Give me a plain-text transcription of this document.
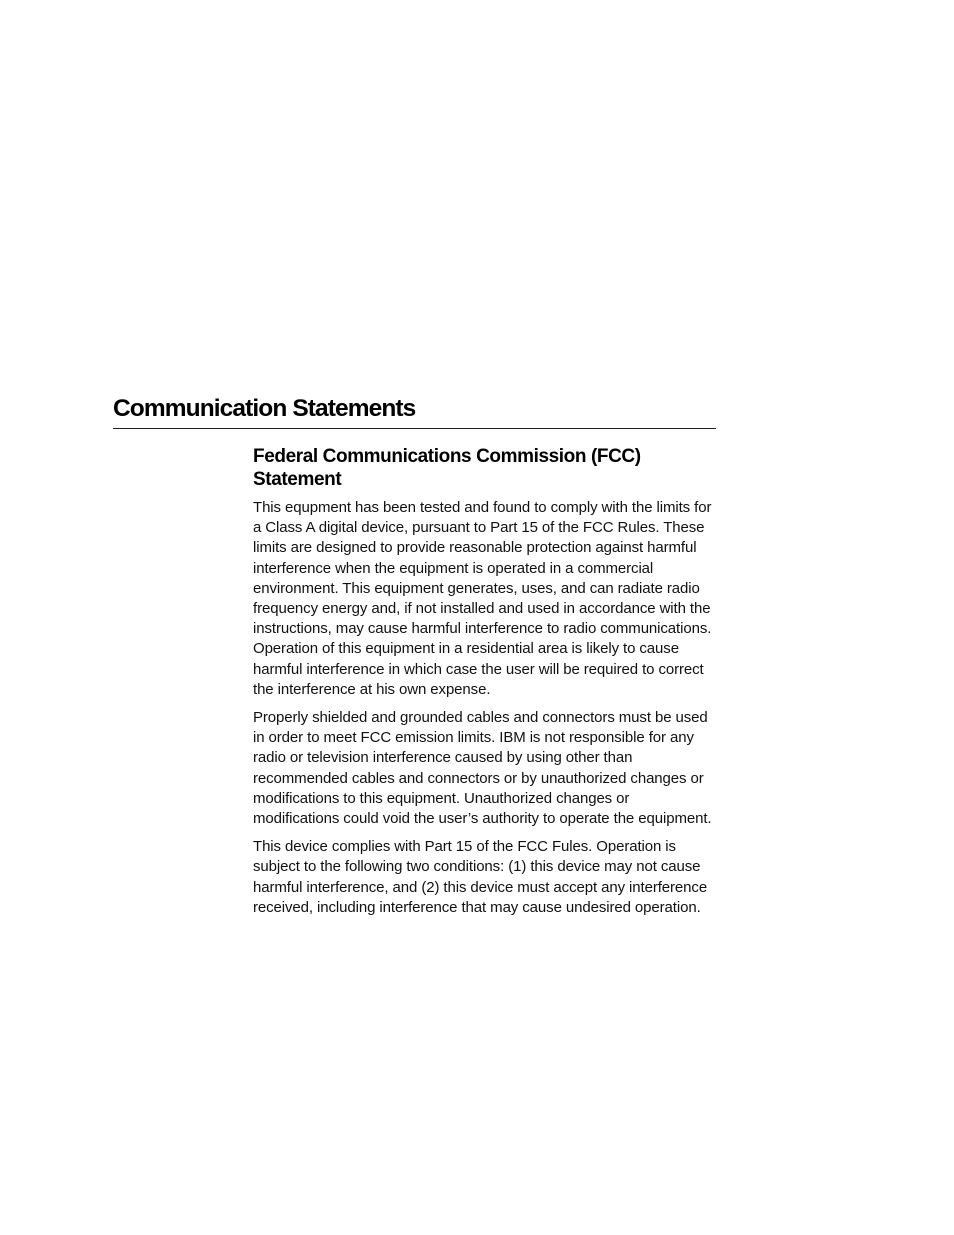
Communication Statements
Federal Communications Commission (FCC) Statement

This equpment has been tested and found to comply with the limits for a Class A digital device, pursuant to Part 15 of the FCC Rules. These limits are designed to provide reasonable protection against harmful interference when the equipment is operated in a commercial environment. This equipment generates, uses, and can radiate radio frequency energy and, if not installed and used in accordance with the instructions, may cause harmful interference to radio communications. Operation of this equipment in a residential area is likely to cause harmful interference in which case the user will be required to correct the interference at his own expense.

Properly shielded and grounded cables and connectors must be used in order to meet FCC emission limits. IBM is not responsible for any radio or television interference caused by using other than recommended cables and connectors or by unauthorized changes or modifications to this equipment. Unauthorized changes or modifications could void the user’s authority to operate the equipment.

This device complies with Part 15 of the FCC Fules. Operation is subject to the following two conditions: (1) this device may not cause harmful interference, and (2) this device must accept any interference received, including interference that may cause undesired operation.
